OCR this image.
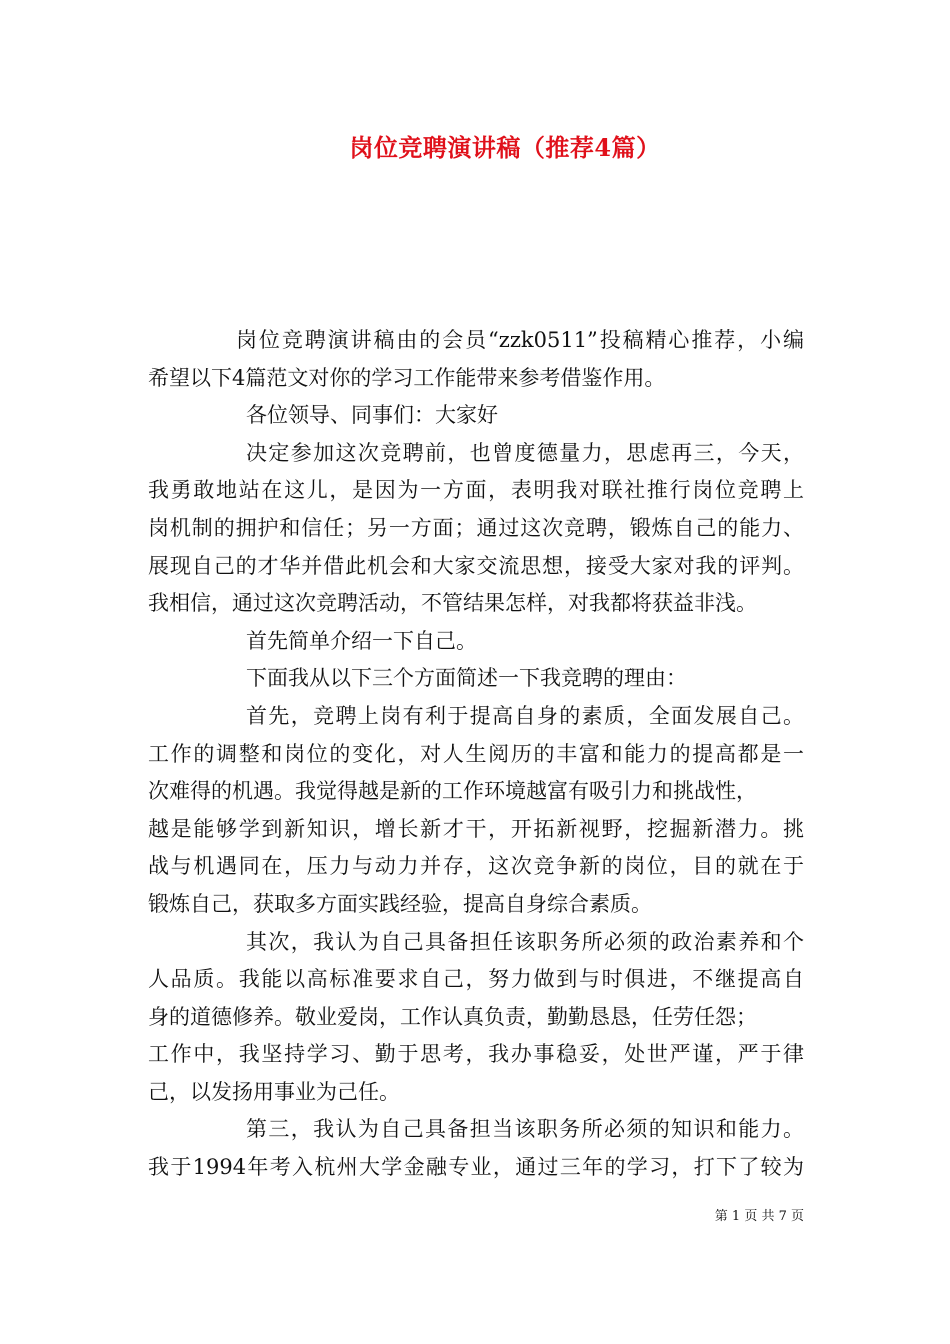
岗位竞聘演讲稿（推荐4篇）
岗位竞聘演讲稿由的会员“zzk0511”投稿精心推荐，小编
希望以下4篇范文对你的学习工作能带来参考借鉴作用。
各位领导、同事们：大家好
决定参加这次竞聘前，也曾度德量力，思虑再三，今天，
我勇敢地站在这儿，是因为一方面，表明我对联社推行岗位竞聘上
岗机制的拥护和信任；另一方面；通过这次竞聘，锻炼自己的能力、
展现自己的才华并借此机会和大家交流思想，接受大家对我的评判。
我相信，通过这次竞聘活动，不管结果怎样，对我都将获益非浅。
首先简单介绍一下自己。
下面我从以下三个方面简述一下我竞聘的理由：
首先，竞聘上岗有利于提高自身的素质，全面发展自己。
工作的调整和岗位的变化，对人生阅历的丰富和能力的提高都是一
次难得的机遇。我觉得越是新的工作环境越富有吸引力和挑战性，
越是能够学到新知识，增长新才干，开拓新视野，挖掘新潜力。挑
战与机遇同在，压力与动力并存，这次竞争新的岗位，目的就在于
锻炼自己，获取多方面实践经验，提高自身综合素质。
其次，我认为自己具备担任该职务所必须的政治素养和个
人品质。我能以高标准要求自己，努力做到与时俱进，不继提高自
身的道德修养。敬业爱岗，工作认真负责，勤勤恳恳，任劳任怨；
工作中，我坚持学习、勤于思考，我办事稳妥，处世严谨，严于律
己，以发扬用事业为己任。
第三，我认为自己具备担当该职务所必须的知识和能力。
我于1994年考入杭州大学金融专业，通过三年的学习，打下了较为
第 1 页 共 7 页
